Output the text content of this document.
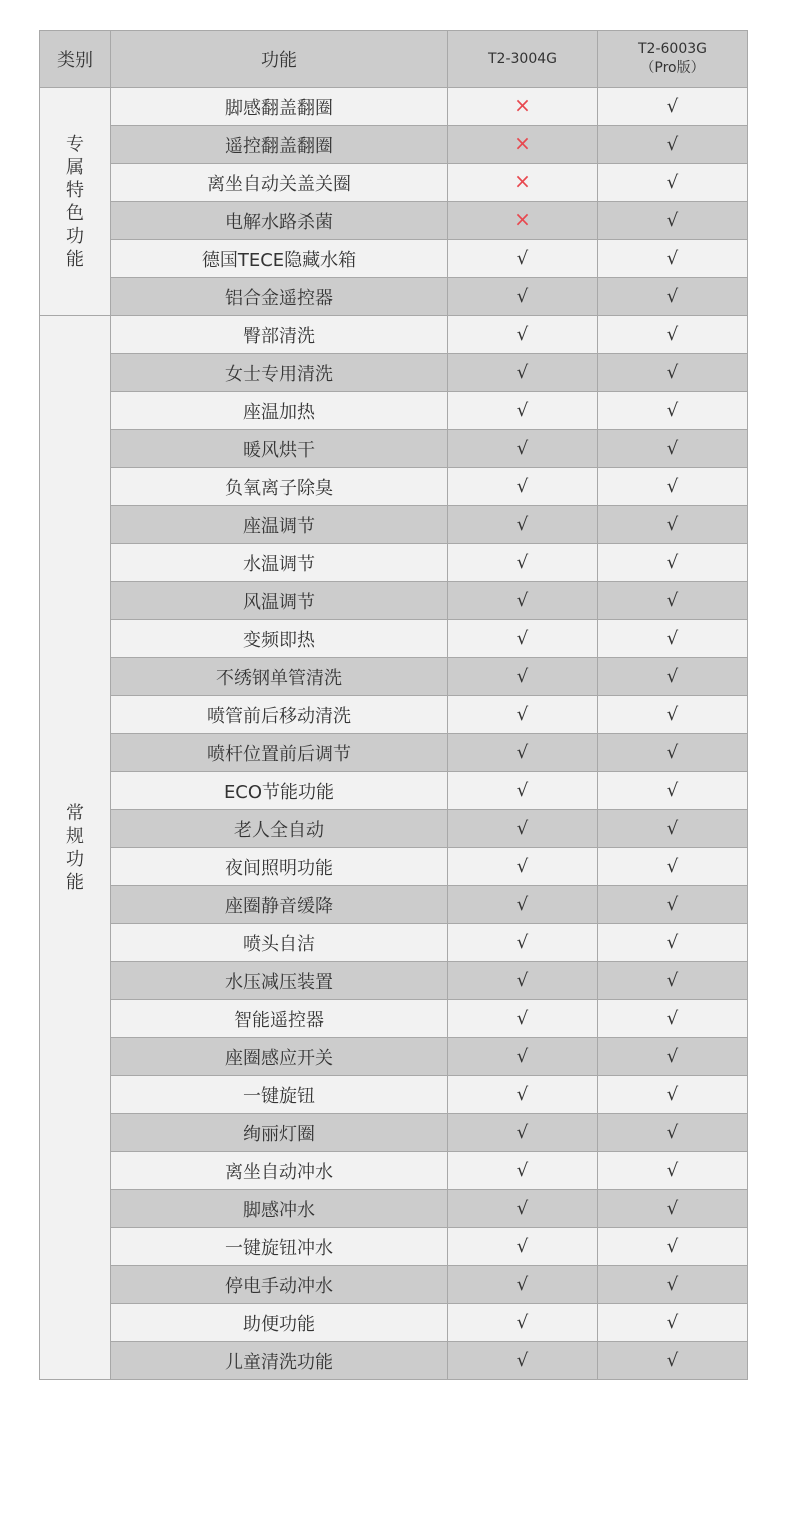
类别	功能	T2-3004G	T2-6003G
（Pro版）

专属特色功能	脚感翻盖翻圈	×	√
	遥控翻盖翻圈	×	√
	离坐自动关盖关圈	×	√
	电解水路杀菌	×	√
	德国TECE隐藏水箱	√	√
	铝合金遥控器	√	√
常规功能	臀部清洗	√	√
	女士专用清洗	√	√
	座温加热	√	√
	暖风烘干	√	√
	负氧离子除臭	√	√
	座温调节	√	√
	水温调节	√	√
	风温调节	√	√
	变频即热	√	√
	不绣钢单管清洗	√	√
	喷管前后移动清洗	√	√
	喷杆位置前后调节	√	√
	ECO节能功能	√	√
	老人全自动	√	√
	夜间照明功能	√	√
	座圈静音缓降	√	√
	喷头自洁	√	√
	水压减压装置	√	√
	智能遥控器	√	√
	座圈感应开关	√	√
	一键旋钮	√	√
	绚丽灯圈	√	√
	离坐自动冲水	√	√
	脚感冲水	√	√
	一键旋钮冲水	√	√
	停电手动冲水	√	√
	助便功能	√	√
	儿童清洗功能	√	√
